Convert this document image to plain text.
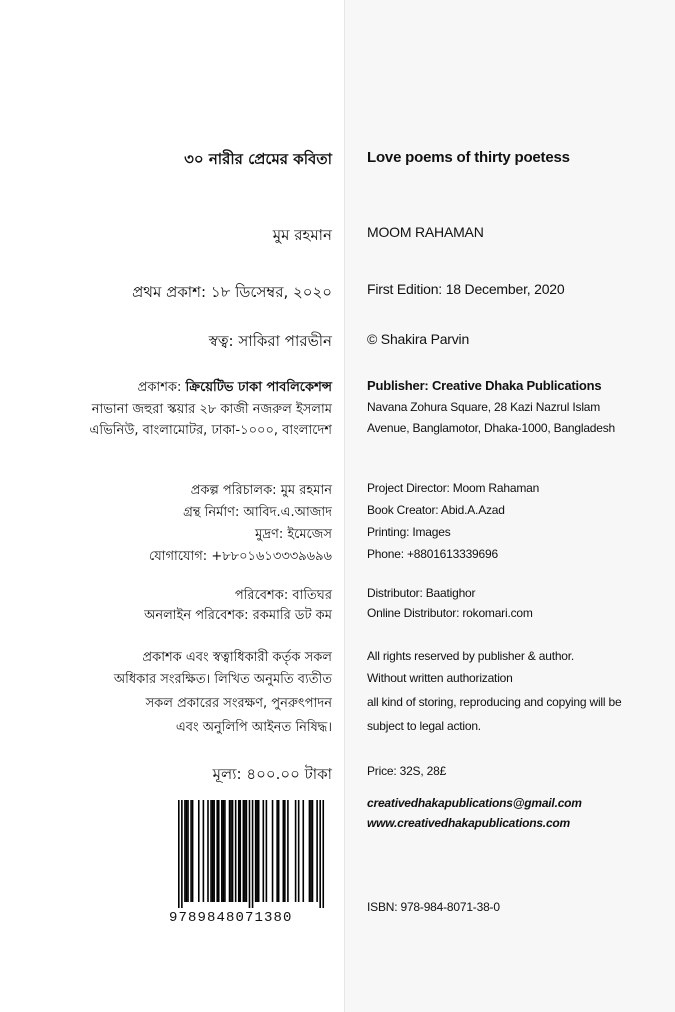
৩০ নারীর প্রেমের কবিতা
মুম রহমান
প্রথম প্রকাশ: ১৮ ডিসেম্বর, ২০২০
স্বত্ব: সাকিরা পারভীন
প্রকাশক: ক্রিয়েটিভ ঢাকা পাবলিকেশন্স
নাভানা জহুরা স্কয়ার ২৮ কাজী নজরুল ইসলাম
এভিনিউ, বাংলামোটর, ঢাকা-১০০০, বাংলাদেশ
প্রকল্প পরিচালক: মুম রহমান
গ্রন্থ নির্মাণ: আবিদ.এ.আজাদ
মুদ্রণ: ইমেজেস
যোগাযোগ: +৮৮০১৬১৩৩৩৯৬৯৬
পরিবেশক: বাতিঘর
অনলাইন পরিবেশক: রকমারি ডট কম
প্রকাশক এবং স্বত্বাধিকারী কর্তৃক সকল
অধিকার সংরক্ষিত। লিখিত অনুমতি ব্যতীত
সকল প্রকারের সংরক্ষণ, পুনরুৎপাদন
এবং অনুলিপি আইনত নিষিদ্ধ।
মূল্য: ৪০০.০০ টাকা
Love poems of thirty poetess
MOOM RAHAMAN
First Edition: 18 December, 2020
© Shakira Parvin
Publisher: Creative Dhaka Publications
Navana Zohura Square, 28 Kazi Nazrul Islam
Avenue, Banglamotor, Dhaka-1000, Bangladesh
Project Director: Moom Rahaman
Book Creator: Abid.A.Azad
Printing: Images
Phone: +8801613339696
Distributor: Baatighor
Online Distributor: rokomari.com
All rights reserved by publisher & author.
Without written authorization
all kind of storing, reproducing and copying will be
subject to legal action.
Price: 32S, 28£
creativedhakapublications@gmail.com
www.creativedhakapublications.com
ISBN: 978-984-8071-38-0
9789848071380
